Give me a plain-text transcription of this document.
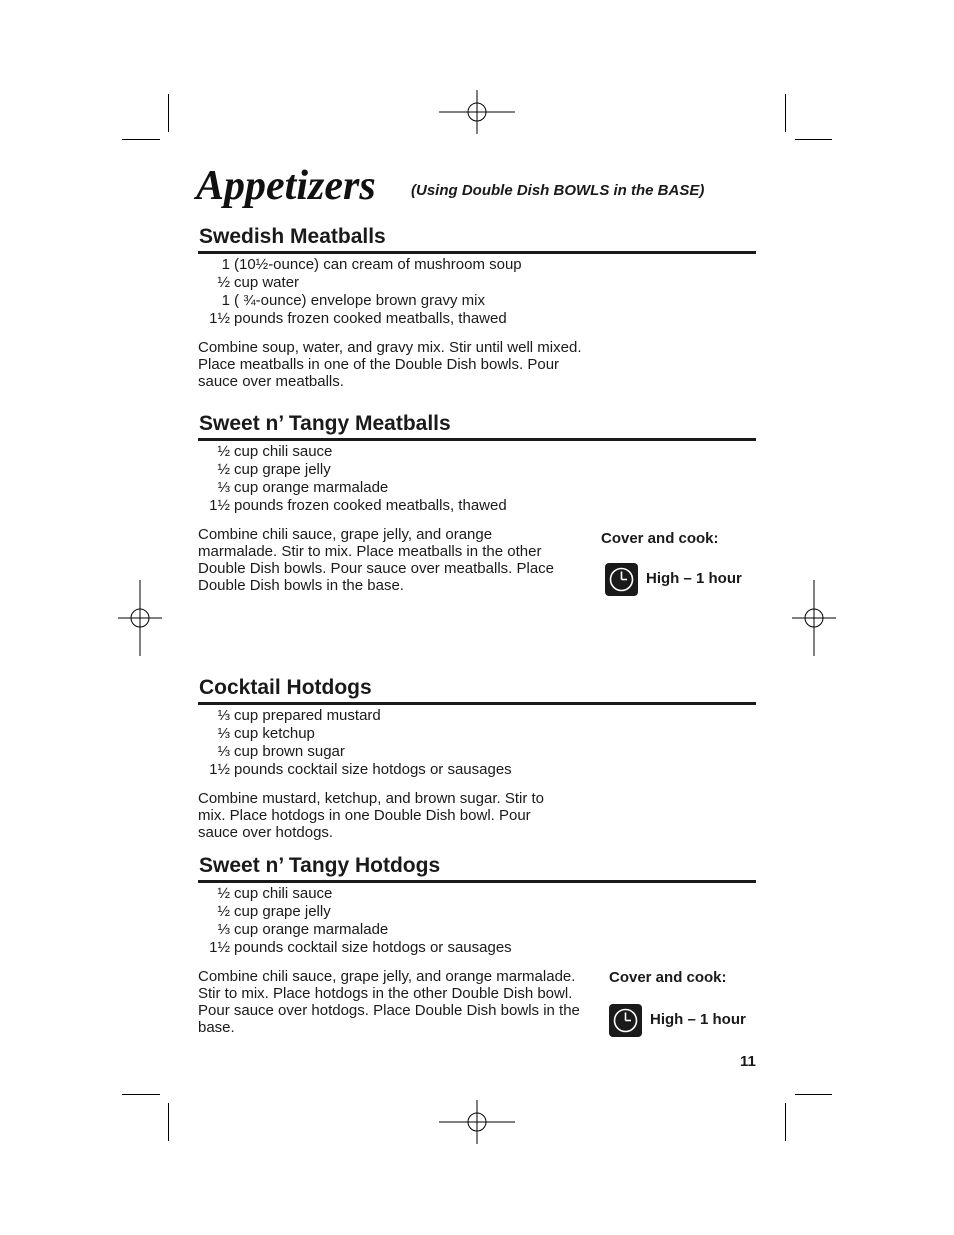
Appetizers (Using Double Dish BOWLS in the BASE)
Swedish Meatballs
1 (10½-ounce) can cream of mushroom soup
½ cup water
1 ( ¾-ounce) envelope brown gravy mix
1½ pounds frozen cooked meatballs, thawed

Combine soup, water, and gravy mix. Stir until well mixed. Place meatballs in one of the Double Dish bowls. Pour sauce over meatballs.

Sweet n’ Tangy Meatballs
½ cup chili sauce
½ cup grape jelly
⅓ cup orange marmalade
1½ pounds frozen cooked meatballs, thawed

Combine chili sauce, grape jelly, and orange marmalade. Stir to mix. Place meatballs in the other Double Dish bowls. Pour sauce over meatballs. Place Double Dish bowls in the base.

Cover and cook:
High – 1 hour
Cocktail Hotdogs
⅓ cup prepared mustard
⅓ cup ketchup
⅓ cup brown sugar
1½ pounds cocktail size hotdogs or sausages

Combine mustard, ketchup, and brown sugar. Stir to mix. Place hotdogs in one Double Dish bowl. Pour sauce over hotdogs.

Sweet n’ Tangy Hotdogs
½ cup chili sauce
½ cup grape jelly
⅓ cup orange marmalade
1½ pounds cocktail size hotdogs or sausages

Combine chili sauce, grape jelly, and orange marmalade. Stir to mix. Place hotdogs in the other Double Dish bowl. Pour sauce over hotdogs. Place Double Dish bowls in the base.

Cover and cook:
High – 1 hour
11
